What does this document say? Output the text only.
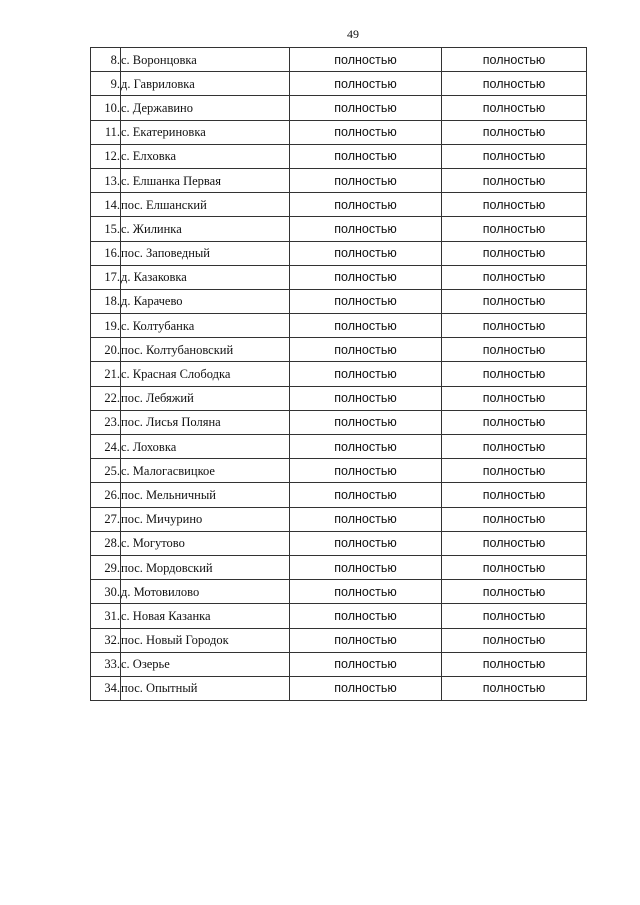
49
8.	с. Воронцовка	полностью	полностью
9.	д. Гавриловка	полностью	полностью
10.	с. Державино	полностью	полностью
11.	с. Екатериновка	полностью	полностью
12.	с. Елховка	полностью	полностью
13.	с. Елшанка Первая	полностью	полностью
14.	пос. Елшанский	полностью	полностью
15.	с. Жилинка	полностью	полностью
16.	пос. Заповедный	полностью	полностью
17.	д. Казаковка	полностью	полностью
18.	д. Карачево	полностью	полностью
19.	с. Колтубанка	полностью	полностью
20.	пос. Колтубановский	полностью	полностью
21.	с. Красная Слободка	полностью	полностью
22.	пос. Лебяжий	полностью	полностью
23.	пос. Лисья Поляна	полностью	полностью
24.	с. Лоховка	полностью	полностью
25.	с. Малогасвицкое	полностью	полностью
26.	пос. Мельничный	полностью	полностью
27.	пос. Мичурино	полностью	полностью
28.	с. Могутово	полностью	полностью
29.	пос. Мордовский	полностью	полностью
30.	д. Мотовилово	полностью	полностью
31.	с. Новая Казанка	полностью	полностью
32.	пос. Новый Городок	полностью	полностью
33.	с. Озерье	полностью	полностью
34.	пос. Опытный	полностью	полностью
